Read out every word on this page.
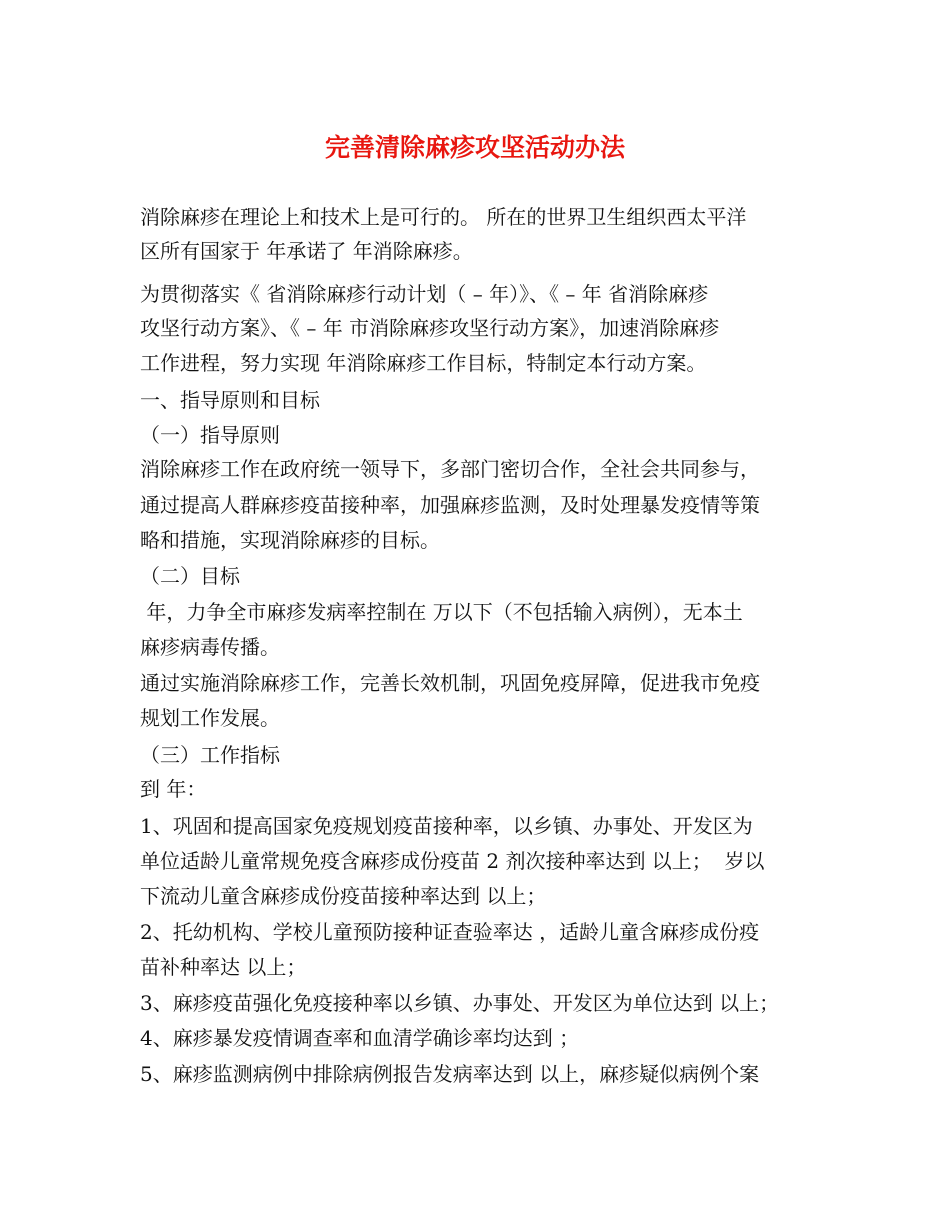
完善清除麻疹攻坚活动办法
消除麻疹在理论上和技术上是可行的。 所在的世界卫生组织西太平洋
区所有国家于 年承诺了 年消除麻疹。
为贯彻落实《 省消除麻疹行动计划（ – 年）》、《 – 年 省消除麻疹
攻坚行动方案》、《 – 年 市消除麻疹攻坚行动方案》，加速消除麻疹
工作进程，努力实现 年消除麻疹工作目标，特制定本行动方案。
一、指导原则和目标
（一）指导原则
消除麻疹工作在政府统一领导下，多部门密切合作，全社会共同参与，
通过提高人群麻疹疫苗接种率，加强麻疹监测，及时处理暴发疫情等策
略和措施，实现消除麻疹的目标。
（二）目标
年，力争全市麻疹发病率控制在 万以下（不包括输入病例），无本土
麻疹病毒传播。
通过实施消除麻疹工作，完善长效机制，巩固免疫屏障，促进我市免疫
规划工作发展。
（三）工作指标
到 年：
1、巩固和提高国家免疫规划疫苗接种率，以乡镇、办事处、开发区为
单位适龄儿童常规免疫含麻疹成份疫苗 2 剂次接种率达到 以上；  岁以
下流动儿童含麻疹成份疫苗接种率达到 以上；
2、托幼机构、学校儿童预防接种证查验率达 ，适龄儿童含麻疹成份疫
苗补种率达 以上；
3、麻疹疫苗强化免疫接种率以乡镇、办事处、开发区为单位达到 以上；
4、麻疹暴发疫情调查率和血清学确诊率均达到 ；
5、麻疹监测病例中排除病例报告发病率达到 以上，麻疹疑似病例个案
